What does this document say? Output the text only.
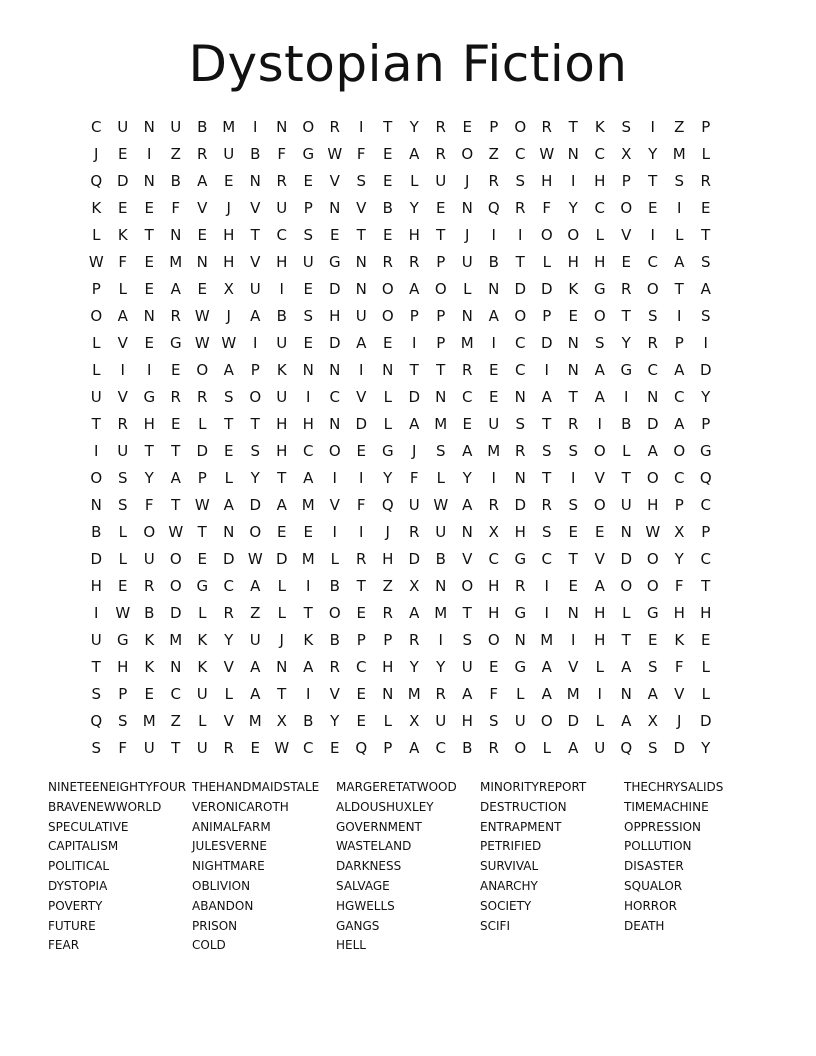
Dystopian Fiction
C	U	N	U	B M	I	N O	R	I	T	Y	R	E	P	O	R	T	K	S	I	Z	P
J	E	I	Z	R	U	B	F	G W F	E	A	R	O	Z	C W N	C	X	Y	M	L
Q D	N	B	A	E	N	R	E	V	S	E	L	U	J	R	S	H	I	H	P	T	S	R
K	E	E	F	V	J	V	U	P	N	V	B	Y	E	N Q	R	F	Y	C	O	E	I	E
L	K	T	N	E	H	T	C	S	E	T	E	H	T	J	I	I	O O	L	V	I	L	T
W F	E	M N	H	V	H	U	G	N	R	R	P	U	B	T	L	H	H	E	C	A	S
P	L	E	A	E	X	U	I	E	D	N O	A	O	L	N	D D	K	G	R	O	T	A
O	A	N	R W	J	A	B	S	H	U	O	P	P	N	A	O	P	E	O	T	S	I	S
L	V	E	G W W	I	U	E	D	A	E	I	P	M	I	C	D	N	S	Y	R	P	I
L	I	I	E	O	A	P	K	N	N	I	N	T	T	R	E	C	I	N	A	G	C	A	D
U	V	G	R	R	S	O	U	I	C	V	L	D	N	C	E	N	A	T	A	I	N	C	Y
T	R	H	E	L	T	T	H	H	N	D	L	A M	E	U	S	T	R	I	B	D	A	P
I	U	T	T	D	E	S	H	C	O	E	G	J	S	A M R	S	S	O	L	A	O G
O	S	Y	A	P	L	Y	T	A	I	I	Y	F	L	Y	I	N	T	I	V	T	O	C	Q
N	S	F	T W A	D	A M V	F	Q	U W A	R	D	R	S	O	U	H	P	C
B	L	O W T	N O	E	E	I	I	J	R	U	N	X	H	S	E	E	N W X	P
D	L	U	O	E	D W D M	L	R	H	D	B	V	C	G	C	T	V	D O	Y	C
H	E	R	O G	C	A	L	I	B	T	Z	X	N O H	R	I	E	A	O O	F	T
I	W B	D	L	R	Z	L	T	O	E	R	A M	T	H	G	I	N	H	L	G	H	H
U	G	K	M	K	Y	U	J	K	B	P	P	R	I	S	O N M	I	H	T	E	K	E
T	H	K	N	K	V	A	N	A	R	C	H	Y	Y	U	E	G	A	V	L	A	S	F	L
S	P	E	C	U	L	A	T	I	V	E	N M R	A	F	L	A M	I	N	A	V	L
Q	S	M Z	L	V M X	B	Y	E	L	X	U	H	S	U	O D	L	A	X	J	D
S	F	U	T	U	R	E W C	E	Q	P	A	C	B	R	O	L	A	U	Q	S	D	Y
NINETEENEIGHTYFOUR
BRAVENEWWORLD
SPECULATIVE
CAPITALISM
POLITICAL
DYSTOPIA
POVERTY
FUTURE
FEAR
THEHANDMAIDSTALE
VERONICAROTH
ANIMALFARM
JULESVERNE
NIGHTMARE
OBLIVION
ABANDON
PRISON
COLD
MARGERETATWOOD
ALDOUSHUXLEY
GOVERNMENT
WASTELAND
DARKNESS
SALVAGE
HGWELLS
GANGS
HELL
MINORITYREPORT
DESTRUCTION
ENTRAPMENT
PETRIFIED
SURVIVAL
ANARCHY
SOCIETY
SCIFI
THECHRYSALIDS
TIMEMACHINE
OPPRESSION
POLLUTION
DISASTER
SQUALOR
HORROR
DEATH
